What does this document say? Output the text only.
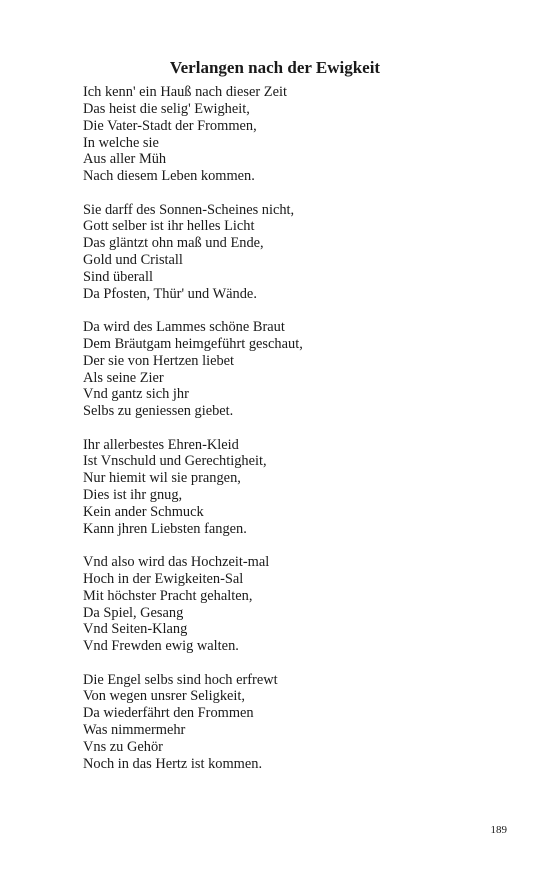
Verlangen nach der Ewigkeit
Ich kenn' ein Hauß nach dieser Zeit
Das heist die selig' Ewigheit,
Die Vater-Stadt der Frommen,
In welche sie
Aus aller Müh
Nach diesem Leben kommen.
Sie darff des Sonnen-Scheines nicht,
Gott selber ist ihr helles Licht
Das gläntzt ohn maß und Ende,
Gold und Cristall
Sind überall
Da Pfosten, Thür' und Wände.
Da wird des Lammes schöne Braut
Dem Bräutgam heimgeführt geschaut,
Der sie von Hertzen liebet
Als seine Zier
Vnd gantz sich jhr
Selbs zu geniessen giebet.
Ihr allerbestes Ehren-Kleid
Ist Vnschuld und Gerechtigheit,
Nur hiemit wil sie prangen,
Dies ist ihr gnug,
Kein ander Schmuck
Kann jhren Liebsten fangen.
Vnd also wird das Hochzeit-mal
Hoch in der Ewigkeiten-Sal
Mit höchster Pracht gehalten,
Da Spiel, Gesang
Vnd Seiten-Klang
Vnd Frewden ewig walten.
Die Engel selbs sind hoch erfrewt
Von wegen unsrer Seligkeit,
Da wiederfährt den Frommen
Was nimmermehr
Vns zu Gehör
Noch in das Hertz ist kommen.
189
